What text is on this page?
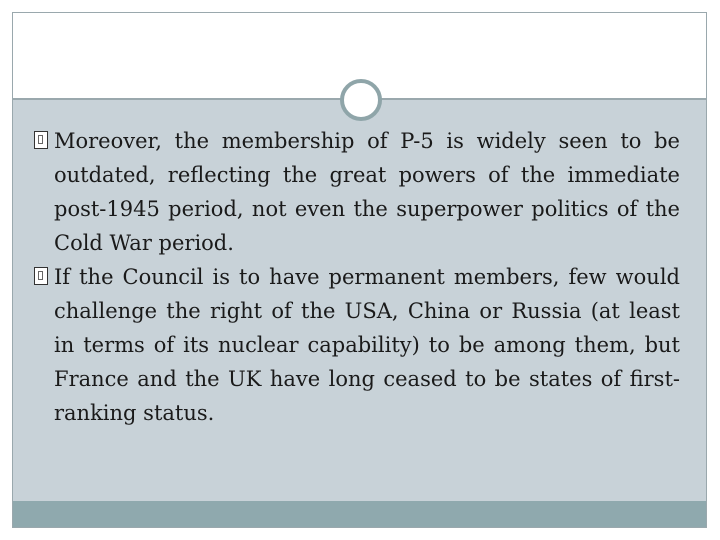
Moreover, the membership of P-5 is widely seen to be outdated, reflecting the great powers of the immediate post-1945 period, not even the superpower politics of the Cold War period.
If the Council is to have permanent members, few would challenge the right of the USA, China or Russia (at least in terms of its nuclear capability) to be among them, but France and the UK have long ceased to be states of first-ranking status.
